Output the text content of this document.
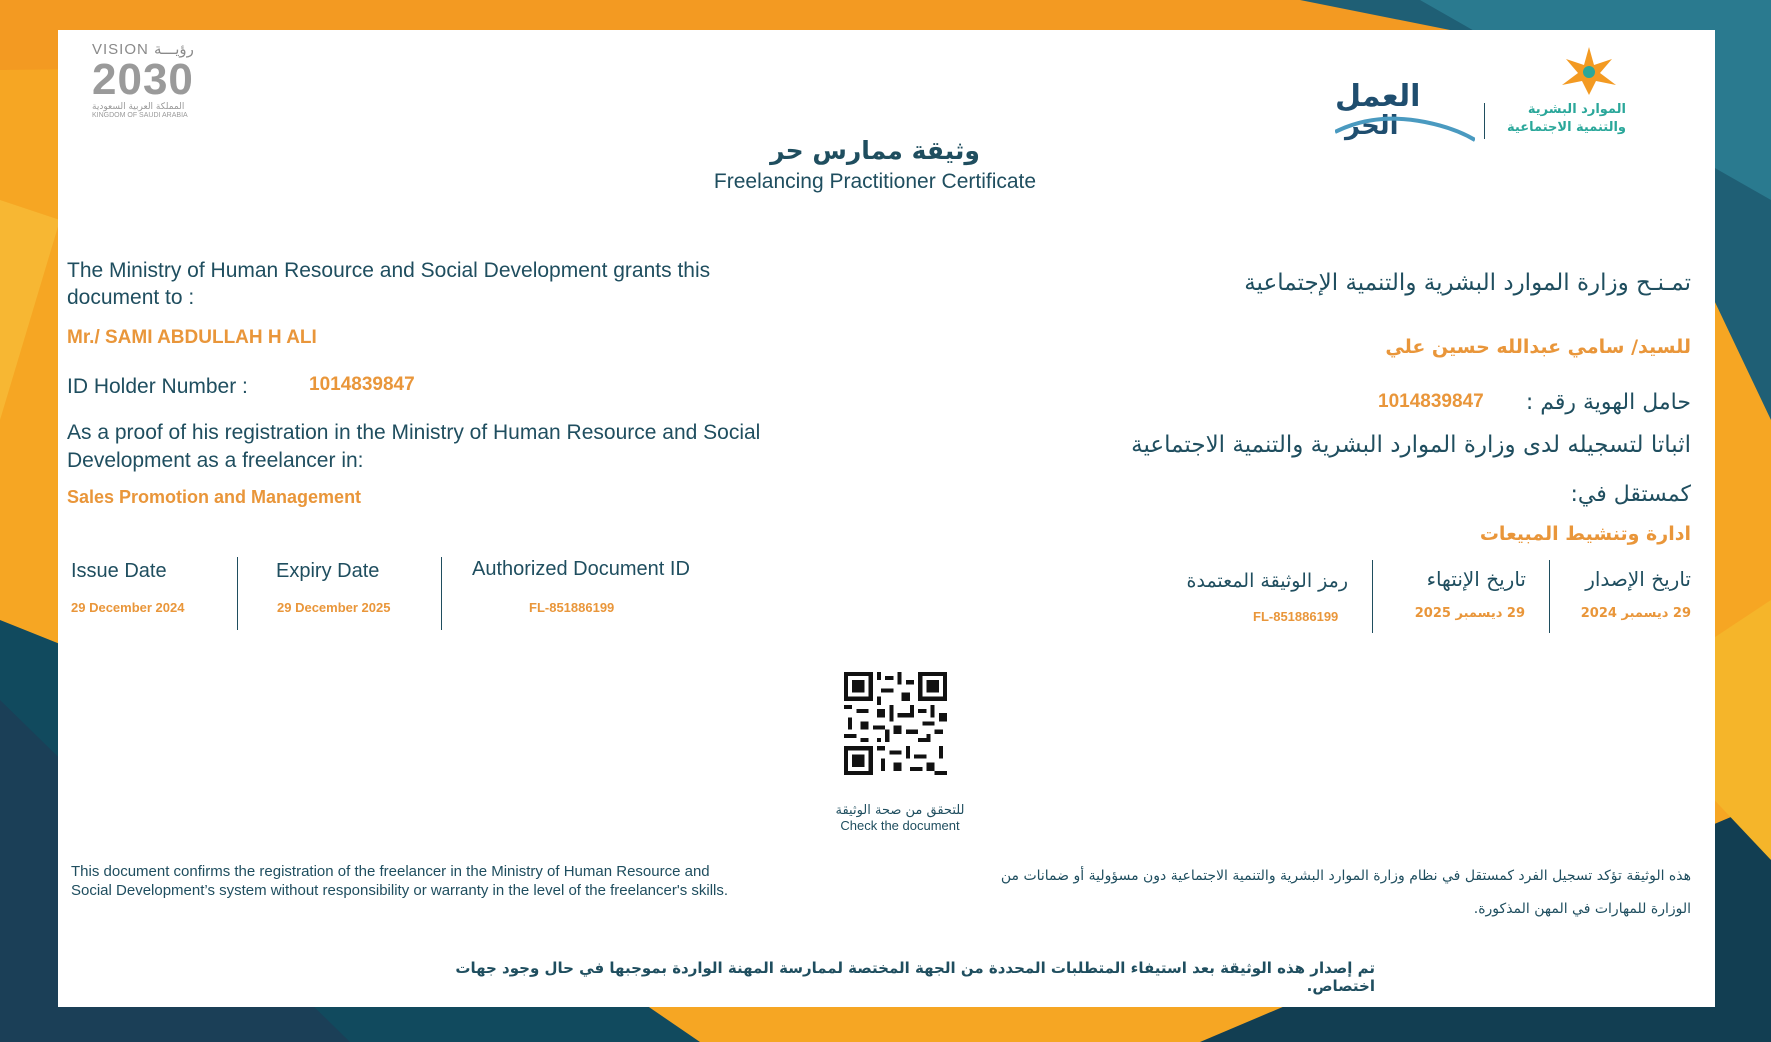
VISION رؤيـــة
2030
المملكة العربية السعودية
KINGDOM OF SAUDI ARABIA
العمل
الحر
الموارد البشرية
والتنمية الاجتماعية
وثيقة ممارس حر
Freelancing Practitioner Certificate
The Ministry of Human Resource and Social Development grants this document to :
Mr./ SAMI ABDULLAH H ALI
ID Holder Number :	1014839847
As a proof of his registration in the Ministry of Human Resource and Social Development as a freelancer in:
Sales Promotion and Management
Issue Date
29 December 2024
Expiry Date
29 December 2025
Authorized Document ID
FL-851886199
تمـنـح وزارة الموارد البشرية والتنمية الإجتماعية
للسيد/ سامي عبدالله حسين علي
حامل الهوية رقم :
1014839847
اثباتا لتسجيله لدى وزارة الموارد البشرية والتنمية الاجتماعية
كمستقل في:
ادارة وتنشيط المبيعات
تاريخ الإصدار
29 ديسمبر 2024
تاريخ الإنتهاء
29 ديسمبر 2025
رمز الوثيقة المعتمدة
FL-851886199
للتحقق من صحة الوثيقة
Check the document
This document confirms the registration of the freelancer in the Ministry of Human Resource and Social Development’s system without responsibility or warranty in the level of the freelancer's skills.
هذه الوثيقة تؤكد تسجيل الفرد كمستقل في نظام وزارة الموارد البشرية والتنمية الاجتماعية دون مسؤولية أو ضمانات من
الوزارة للمهارات في المهن المذكورة.
تم إصدار هذه الوثيقة بعد استيفاء المتطلبات المحددة من الجهة المختصة لممارسة المهنة الواردة بموجبها في حال وجود جهات اختصاص.
